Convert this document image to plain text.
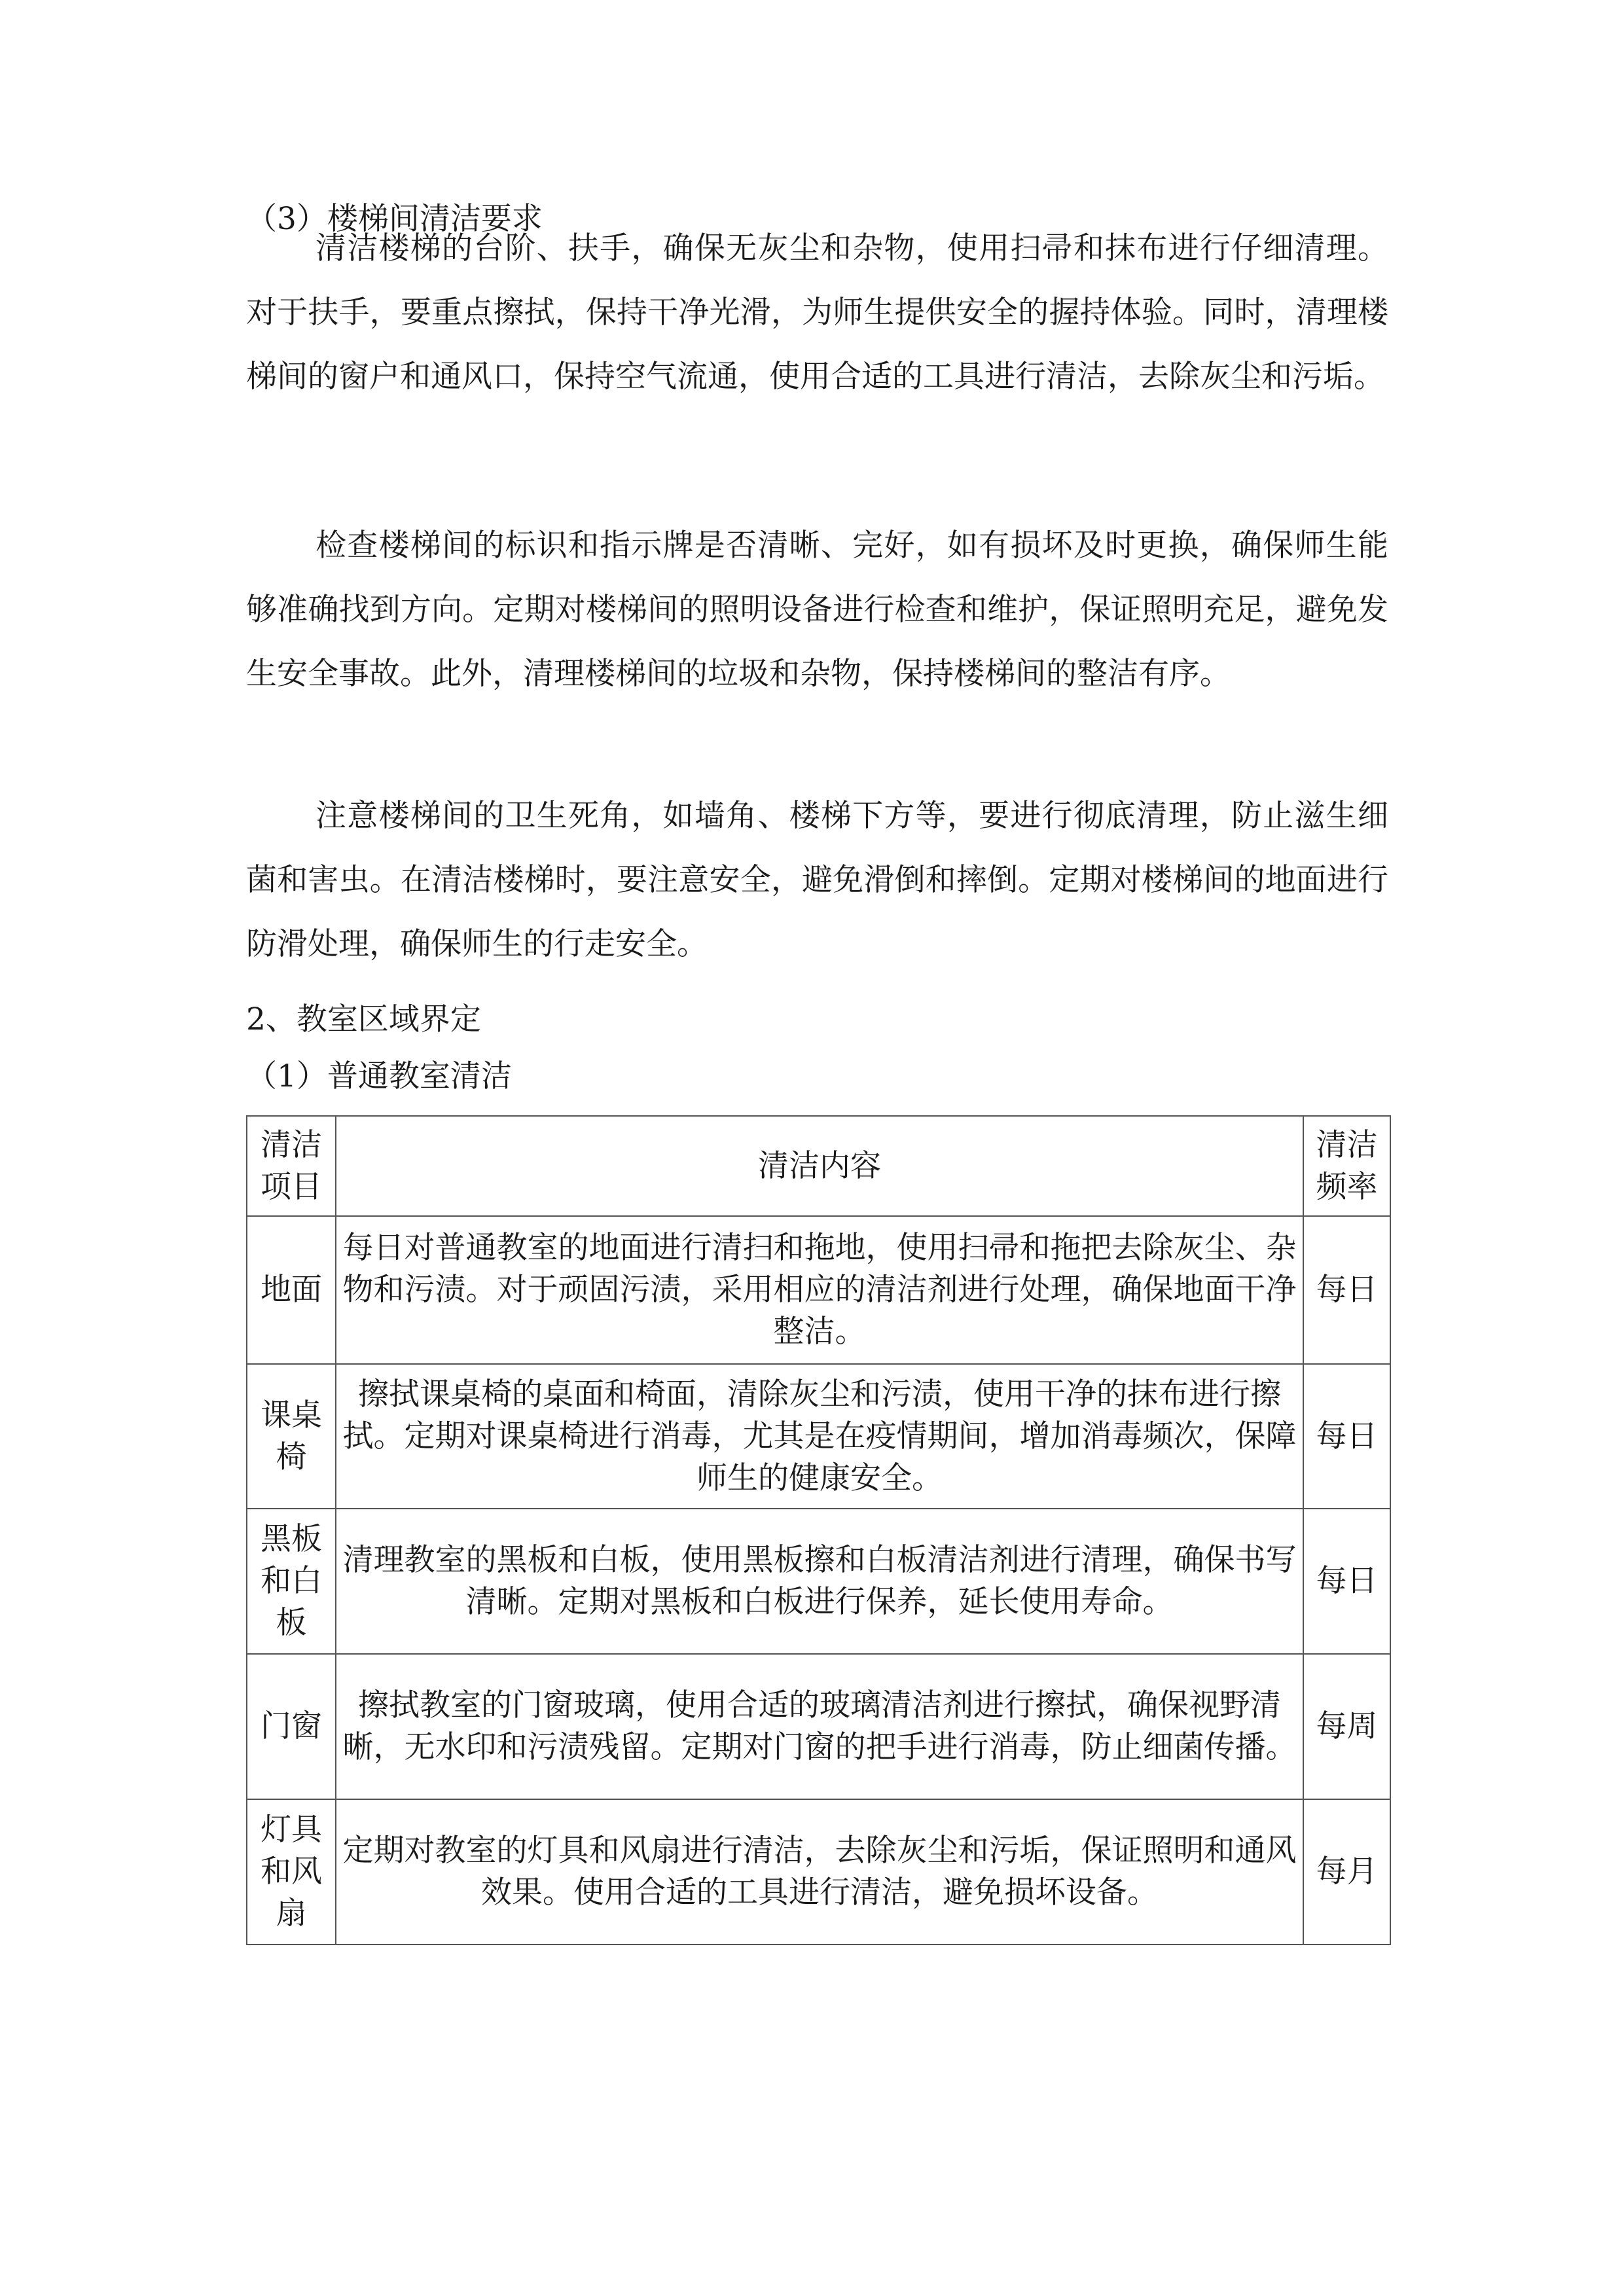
（3）楼梯间清洁要求

清洁楼梯的台阶、扶手，确保无灰尘和杂物，使用扫帚和抹布进行仔细清理。对于扶手，要重点擦拭，保持干净光滑，为师生提供安全的握持体验。同时，清理楼梯间的窗户和通风口，保持空气流通，使用合适的工具进行清洁，去除灰尘和污垢。

检查楼梯间的标识和指示牌是否清晰、完好，如有损坏及时更换，确保师生能够准确找到方向。定期对楼梯间的照明设备进行检查和维护，保证照明充足，避免发生安全事故。此外，清理楼梯间的垃圾和杂物，保持楼梯间的整洁有序。

注意楼梯间的卫生死角，如墙角、楼梯下方等，要进行彻底清理，防止滋生细菌和害虫。在清洁楼梯时，要注意安全，避免滑倒和摔倒。定期对楼梯间的地面进行防滑处理，确保师生的行走安全。

2、教室区域界定
（1）普通教室清洁
清洁项目	清洁内容	清洁频率
地面	每日对普通教室的地面进行清扫和拖地，使用扫帚和拖把去除灰尘、杂物和污渍。对于顽固污渍，采用相应的清洁剂进行处理，确保地面干净整洁。	每日
课桌椅	擦拭课桌椅的桌面和椅面，清除灰尘和污渍，使用干净的抹布进行擦拭。定期对课桌椅进行消毒，尤其是在疫情期间，增加消毒频次，保障师生的健康安全。	每日
黑板和白板	清理教室的黑板和白板，使用黑板擦和白板清洁剂进行清理，确保书写清晰。定期对黑板和白板进行保养，延长使用寿命。	每日
门窗	擦拭教室的门窗玻璃，使用合适的玻璃清洁剂进行擦拭，确保视野清晰，无水印和污渍残留。定期对门窗的把手进行消毒，防止细菌传播。	每周
灯具和风扇	定期对教室的灯具和风扇进行清洁，去除灰尘和污垢，保证照明和通风效果。使用合适的工具进行清洁，避免损坏设备。	每月
